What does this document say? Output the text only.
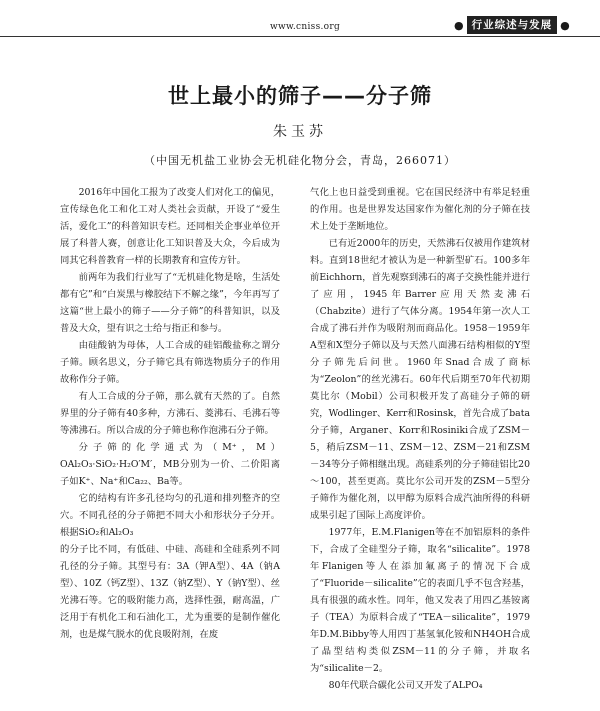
www.cniss.org	● 行业综述与发展 ●
世上最小的筛子——分子筛
朱玉苏
（中国无机盐工业协会无机硅化物分会，青岛，266071）

2016年中国化工报为了改变人们对化工的偏见，宣传绿色化工和化工对人类社会贡献，开设了“爱生活，爱化工”的科普知识专栏。还同相关企事业单位开展了科普人赛，创意让化工知识普及大众，今后成为同其它科普教育一样的长期教育和宣传方针。

前两年为我们行业写了“无机硅化物是啥，生活处都有它”和“白炭黑与橡胶结下不解之缘”，今年再写了这篇“世上最小的筛子——分子筛”的科普知识，以及普及大众，望有识之士给与指正和参与。

由硅酸钠为母体，人工合成的硅铝酸盐称之谓分子筛。顾名思义，分子筛它具有筛选物质分子的作用故称作分子筛。

有人工合成的分子筛，那么就有天然的了。自然界里的分子筛有40多种，方沸石、菱沸石、毛沸石等等沸沸石。所以合成的分子筛也称作泡沸石分子筛。

分子筛的化学通式为（M⁺，M）OAl₂O₃·SiO₂·H₂O′M′，MB分别为一价、二价阳离子如K⁺、Na⁺和Ca₂₂、Ba等。

它的结构有许多孔径均匀的孔道和排列整齐的空穴。不同孔径的分子筛把不同大小和形状分子分开。根据SiO₂和Al₂O₃

的分子比不同，有低硅、中硅、高硅和全硅系列不同孔径的分子筛。其型号有：3A（钾A型）、4A（钠A型）、10Z（钙Z型）、13Z（钠Z型）、Y（钠Y型）、丝光沸石等。它的吸附能力高，选择性强，耐高温，广泛用于有机化工和石油化工，尤为重要的是制作催化剂，也是煤气脱水的优良吸附剂，在废

气化上也日益受到重视。它在国民经济中有举足轻重的作用。也是世界发达国家作为催化剂的分子筛在技术上处于垄断地位。

已有近2000年的历史，天然沸石仅被用作建筑材料。直到18世纪才被认为是一种新型矿石。100多年前Eichhorn，首先观察到沸石的离子交换性能并进行了应用，1945年Barrer应用天然麦沸石（Chabzite）进行了气体分离。1954年第一次人工合成了沸石并作为吸附剂而商品化。1958－1959年A型和X型分子筛以及与天然八面沸石结构相似的Y型分子筛先后问世。1960年Snad合成了商标为“Zeolon”的丝光沸石。60年代后期至70年代初期莫比尔（Mobil）公司积极开发了高硅分子筛的研究，Wodlinger、Kerr和Rosinsk，首先合成了bata分子筛，Arganer、Korr和Rosiniki合成了ZSM－5，稍后ZSM－11、ZSM－12、ZSM－21和ZSM－34等分子筛相继出现。高硅系列的分子筛硅铝比20～100，甚至更高。莫比尔公司开发的ZSM－5型分子筛作为催化剂，以甲醇为原料合成汽油所得的科研成果引起了国际上高度评价。

1977年，E.M.Flanigen等在不加铝原料的条件下，合成了全硅型分子筛，取名“silicalite”。1978年Flanigen等人在添加氟离子的情况下合成了“Fluoride－silicalite”它的表面几乎不包含羟基，具有很强的疏水性。同年，他又发表了用四乙基铵离子（TEA）为原料合成了“TEA－silicalite”，1979年D.M.Bibby等人用四丁基氢氧化铵和NH4OH合成了晶型结构类似ZSM－11的分子筛，并取名为“silicalite－2。

80年代联合碳化公司又开发了ALPO₄
